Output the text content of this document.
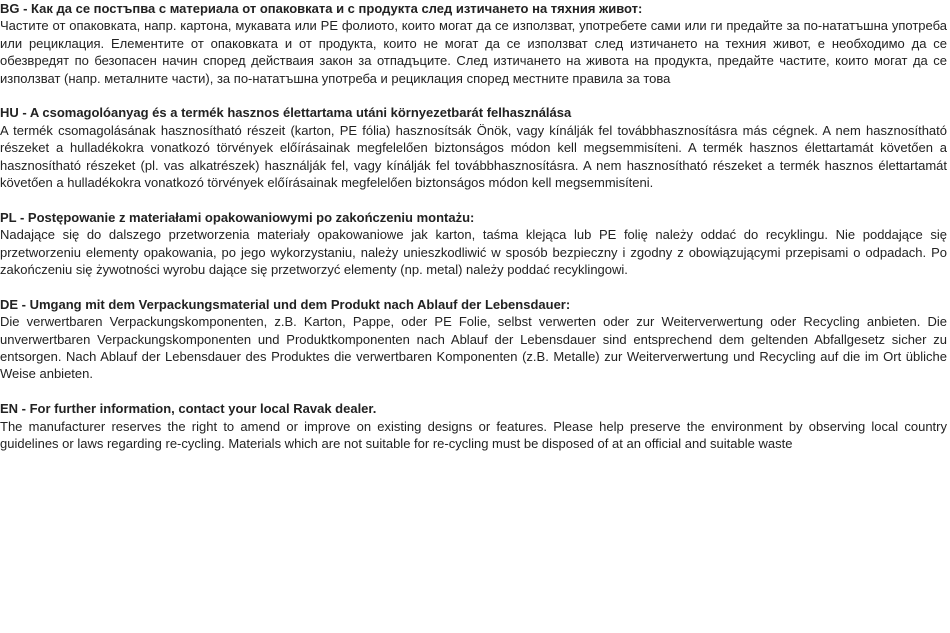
BG - Как да се постъпва с материала от опаковката и с продукта след изтичането на тяхния живот:
Частите от опаковката, напр. картона, мукавата или PE фолиото, които могат да се използват, употребете сами или ги предайте за по-нататъшна употреба или рециклация. Елементите от опаковката и от продукта, които не могат да се използват след изтичането на техния живот, е необходимо да се обезвредят по безопасен начин според действаия закон за отпадъците. След изтичането на живота на продукта, предайте частите, които могат да се използват (напр. металните части), за по-нататъшна употреба и рециклация според местните правила за това
HU - A csomagolóanyag és a termék hasznos élettartama utáni környezetbarát felhasználása
A termék csomagolásának hasznosítható részeit (karton, PE fólia) hasznosítsák Önök, vagy kínálják fel továbbhasznosításra más cégnek. A nem hasznosítható részeket a hulladékokra vonatkozó törvények előírásainak megfelelően biztonságos módon kell megsemmisíteni. A termék hasznos élettartamát követően a hasznosítható részeket (pl. vas alkatrészek) használják fel, vagy kínálják fel továbbhasznosításra. A nem hasznosítható részeket a termék hasznos élettartamát követően a hulladékokra vonatkozó törvények előírásainak megfelelően biztonságos módon kell megsemmisíteni.
PL - Postępowanie z materiałami opakowaniowymi po zakończeniu montażu:
Nadające się do dalszego przetworzenia materiały opakowaniowe jak karton, taśma klejąca lub PE folię należy oddać do recyklingu. Nie poddające się przetworzeniu elementy opakowania, po jego wykorzystaniu, należy unieszkodliwić w sposób bezpieczny i zgodny z obowiązującymi przepisami o odpadach. Po zakończeniu się żywotności wyrobu dające się przetworzyć elementy (np. metal) należy poddać recyklingowi.
DE - Umgang mit dem Verpackungsmaterial und dem Produkt nach Ablauf der Lebensdauer:
Die verwertbaren Verpackungskomponenten, z.B. Karton, Pappe, oder PE Folie, selbst verwerten oder zur Weiterverwertung oder Recycling anbieten. Die unverwertbaren Verpackungskomponenten und Produktkomponenten nach Ablauf der Lebensdauer sind entsprechend dem geltenden Abfallgesetz sicher zu entsorgen. Nach Ablauf der Lebensdauer des Produktes die verwertbaren Komponenten (z.B. Metalle) zur Weiterverwertung und Recycling auf die im Ort übliche Weise anbieten.
EN - For further information, contact your local Ravak dealer.
The manufacturer reserves the right to amend or improve on existing designs or features. Please help preserve the environment by observing local country guidelines or laws regarding re-cycling. Materials which are not suitable for re-cycling must be disposed of at an official and suitable waste
